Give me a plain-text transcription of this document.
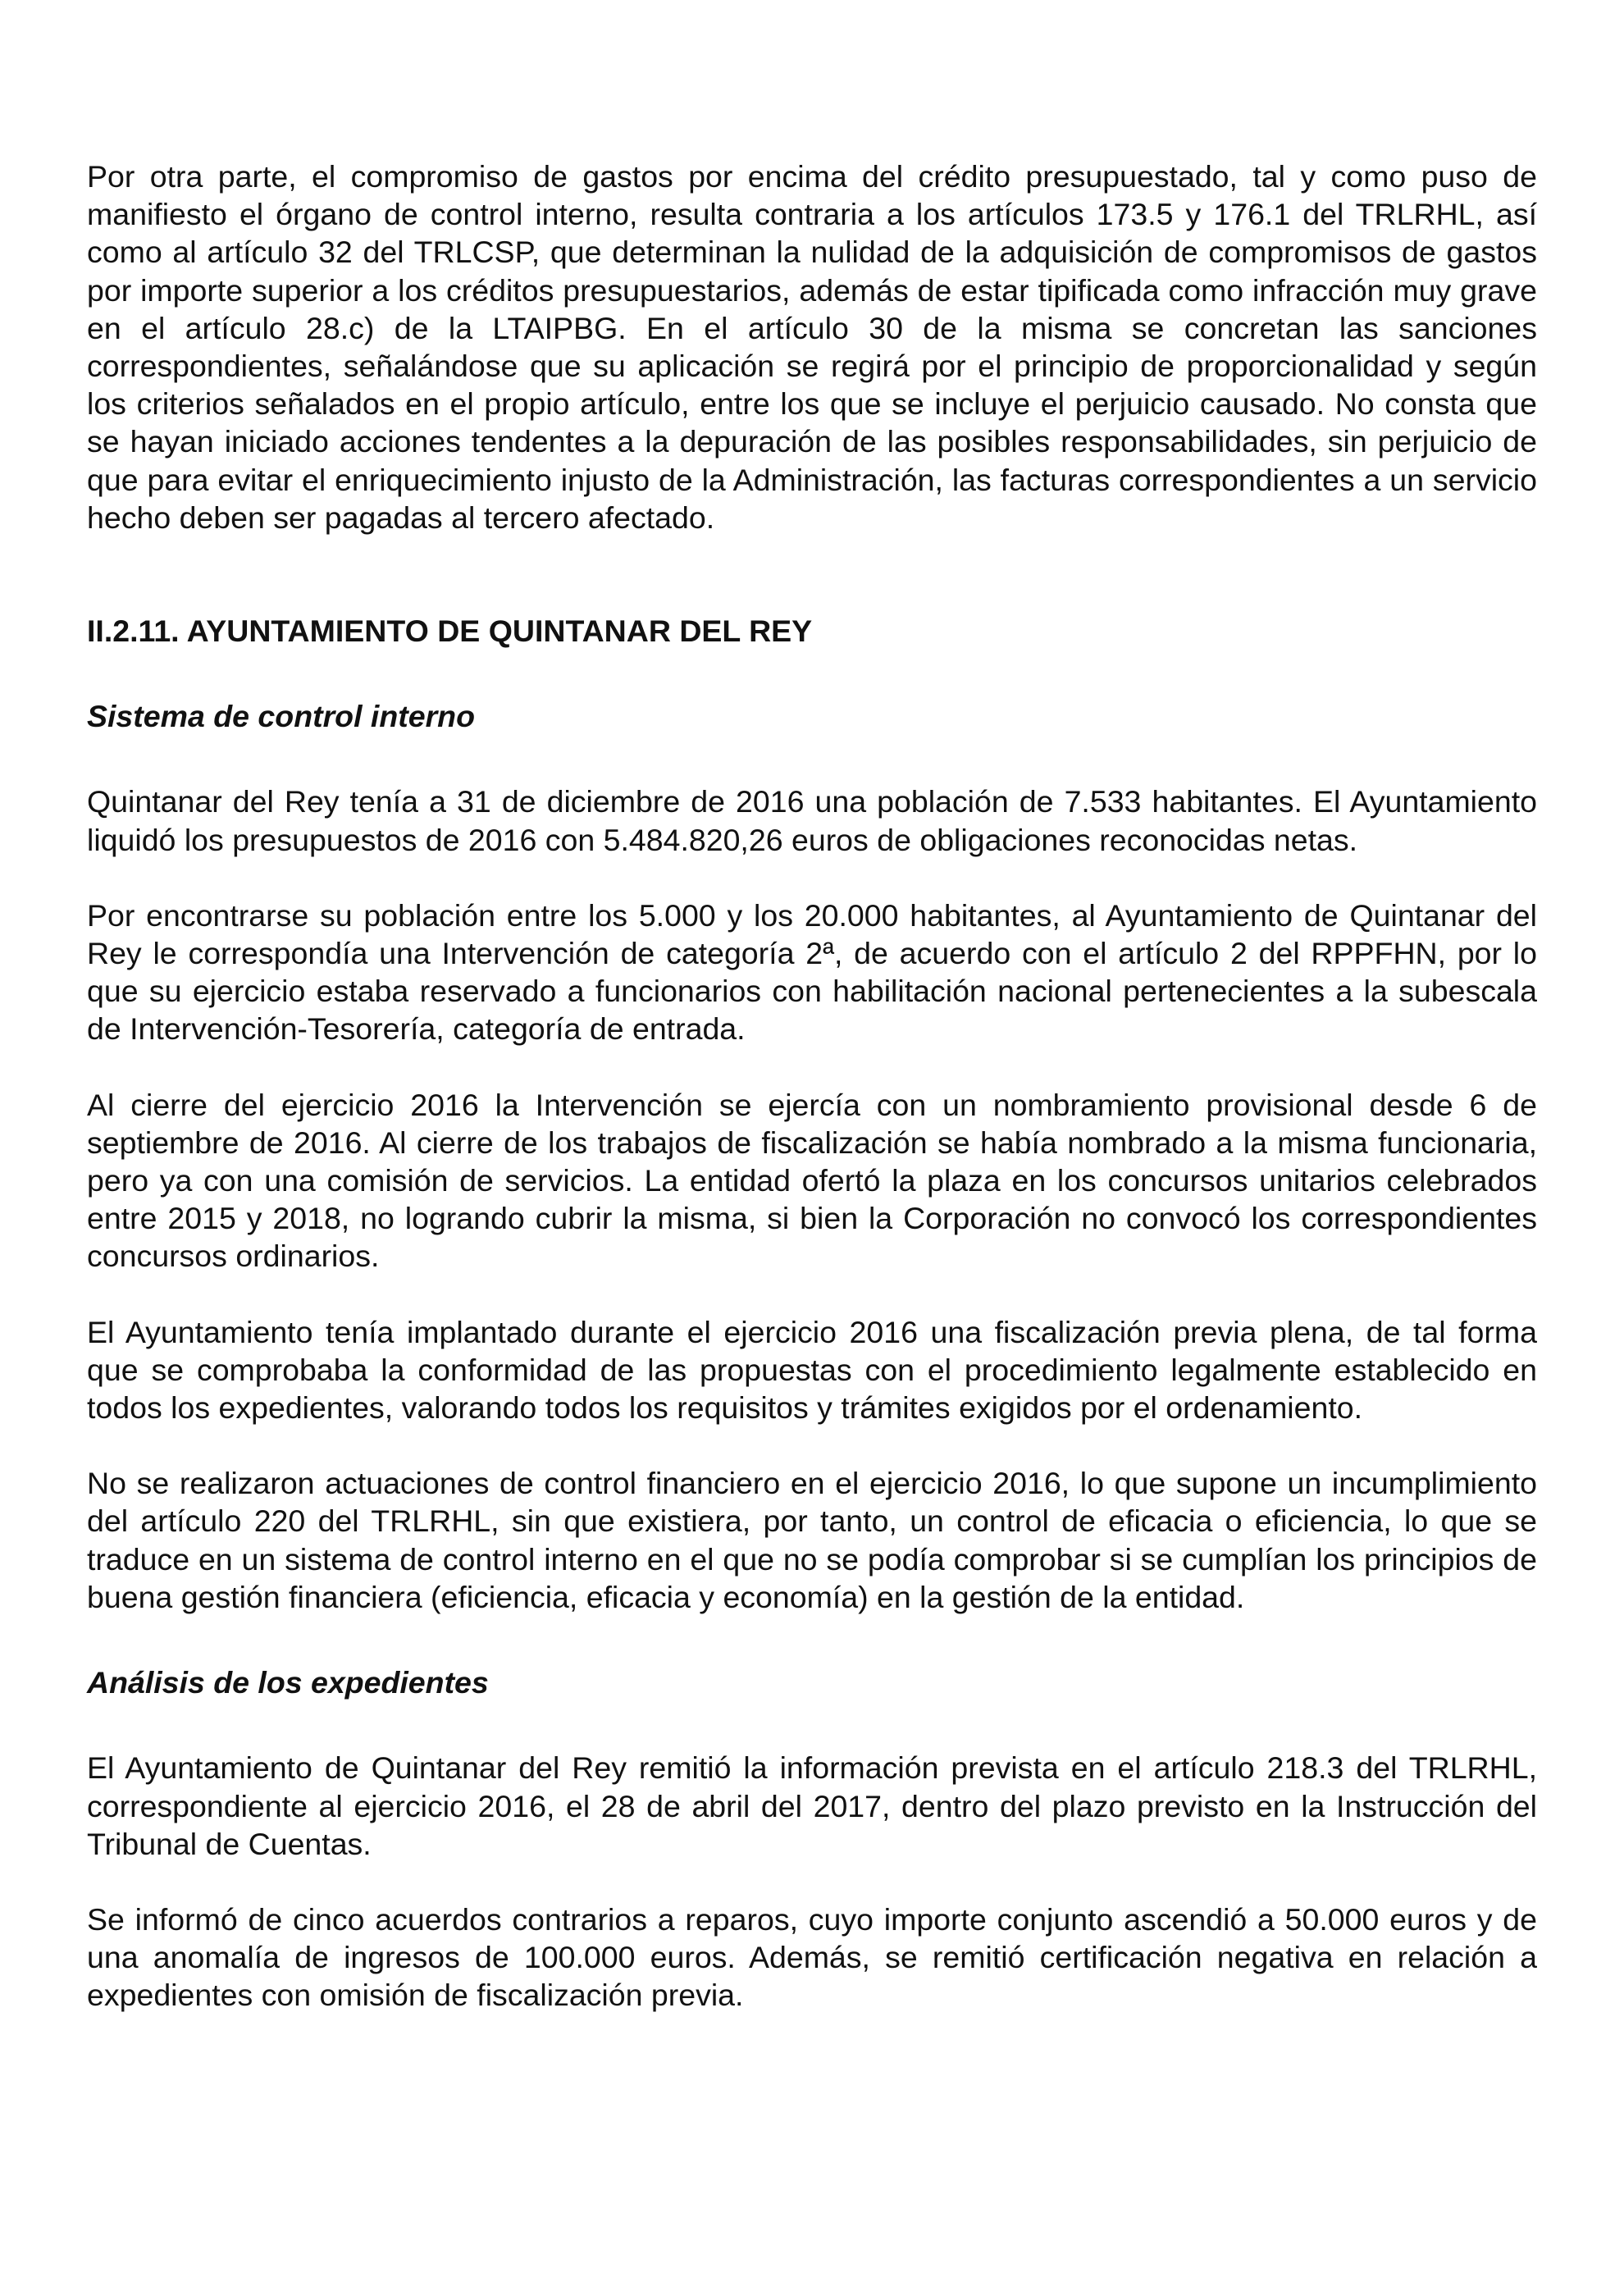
Por otra parte, el compromiso de gastos por encima del crédito presupuestado, tal y como puso de manifiesto el órgano de control interno, resulta contraria a los artículos 173.5 y 176.1 del TRLRHL, así como al artículo 32 del TRLCSP, que determinan la nulidad de la adquisición de compromisos de gastos por importe superior a los créditos presupuestarios, además de estar tipificada como infracción muy grave en el artículo 28.c) de la LTAIPBG. En el artículo 30 de la misma se concretan las sanciones correspondientes, señalándose que su aplicación se regirá por el principio de proporcionalidad y según los criterios señalados en el propio artículo, entre los que se incluye el perjuicio causado. No consta que se hayan iniciado acciones tendentes a la depuración de las posibles responsabilidades, sin perjuicio de que para evitar el enriquecimiento injusto de la Administración, las facturas correspondientes a un servicio hecho deben ser pagadas al tercero afectado.

II.2.11. AYUNTAMIENTO DE QUINTANAR DEL REY
Sistema de control interno

Quintanar del Rey tenía a 31 de diciembre de 2016 una población de 7.533 habitantes. El Ayuntamiento liquidó los presupuestos de 2016 con 5.484.820,26 euros de obligaciones reconocidas netas.

Por encontrarse su población entre los 5.000 y los 20.000 habitantes, al Ayuntamiento de Quintanar del Rey le correspondía una Intervención de categoría 2ª, de acuerdo con el artículo 2 del RPPFHN, por lo que su ejercicio estaba reservado a funcionarios con habilitación nacional pertenecientes a la subescala de Intervención-Tesorería, categoría de entrada.

Al cierre del ejercicio 2016 la Intervención se ejercía con un nombramiento provisional desde 6 de septiembre de 2016. Al cierre de los trabajos de fiscalización se había nombrado a la misma funcionaria, pero ya con una comisión de servicios. La entidad ofertó la plaza en los concursos unitarios celebrados entre 2015 y 2018, no logrando cubrir la misma, si bien la Corporación no convocó los correspondientes concursos ordinarios.

El Ayuntamiento tenía implantado durante el ejercicio 2016 una fiscalización previa plena, de tal forma que se comprobaba la conformidad de las propuestas con el procedimiento legalmente establecido en todos los expedientes, valorando todos los requisitos y trámites exigidos por el ordenamiento.

No se realizaron actuaciones de control financiero en el ejercicio 2016, lo que supone un incumplimiento del artículo 220 del TRLRHL, sin que existiera, por tanto, un control de eficacia o eficiencia, lo que se traduce en un sistema de control interno en el que no se podía comprobar si se cumplían los principios de buena gestión financiera (eficiencia, eficacia y economía) en la gestión de la entidad.

Análisis de los expedientes

El Ayuntamiento de Quintanar del Rey remitió la información prevista en el artículo 218.3 del TRLRHL, correspondiente al ejercicio 2016, el 28 de abril del 2017, dentro del plazo previsto en la Instrucción del Tribunal de Cuentas.

Se informó de cinco acuerdos contrarios a reparos, cuyo importe conjunto ascendió a 50.000 euros y de una anomalía de ingresos de 100.000 euros. Además, se remitió certificación negativa en relación a expedientes con omisión de fiscalización previa.
